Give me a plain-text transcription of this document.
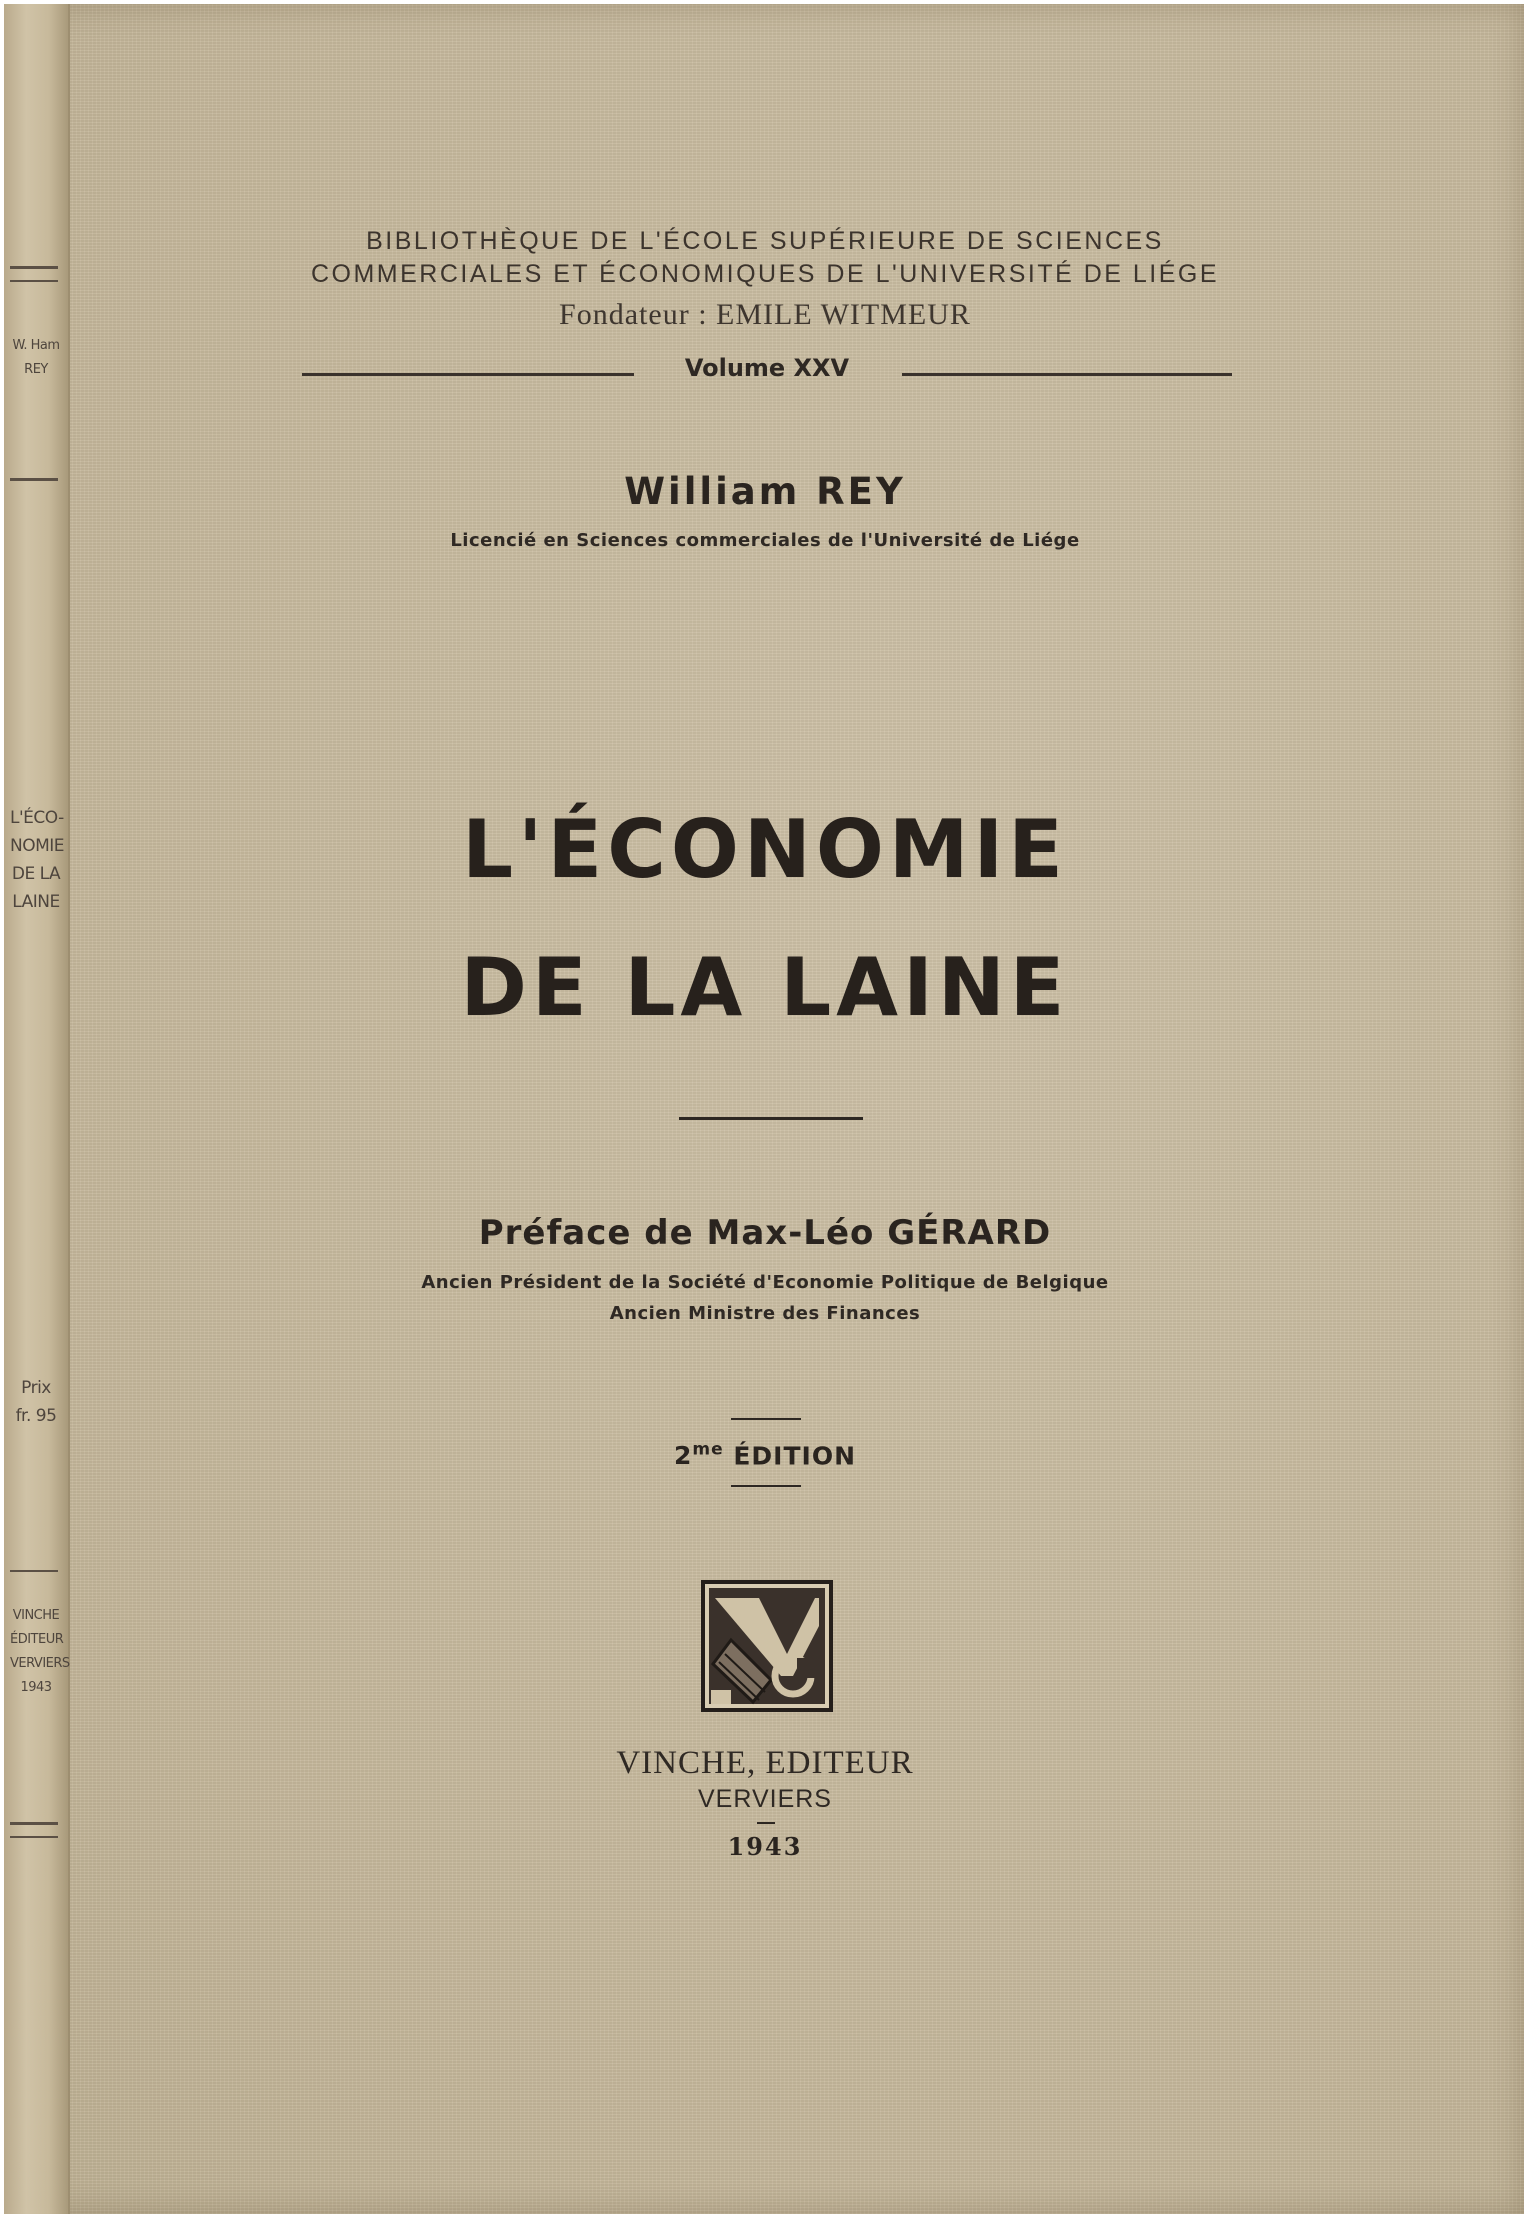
W. Ham
REY
L'ÉCO-
NOMIE
DE LA
LAINE
Prix
fr. 95
VINCHE
ÉDITEUR
VERVIERS
1943
BIBLIOTHÈQUE DE L'ÉCOLE SUPÉRIEURE DE SCIENCES
COMMERCIALES ET ÉCONOMIQUES DE L'UNIVERSITÉ DE LIÉGE
Fondateur : EMILE WITMEUR
Volume XXV
William REY
Licencié en Sciences commerciales de l'Université de Liége
L'ÉCONOMIE
DE LA LAINE
Préface de Max-Léo GÉRARD
Ancien Président de la Société d'Economie Politique de Belgique
Ancien Ministre des Finances
$2^{me}$ ÉDITION
VINCHE, EDITEUR
VERVIERS
1943
